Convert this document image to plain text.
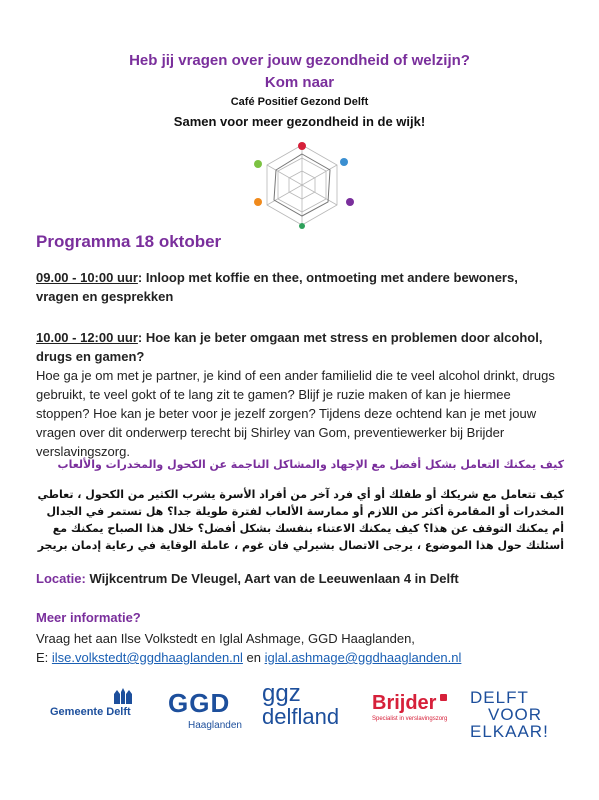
Heb jij vragen over jouw gezondheid of welzijn?
Kom naar
Café Positief Gezond Delft
Samen voor meer gezondheid in de wijk!
Programma 18 oktober
09.00 - 10:00 uur: Inloop met koffie en thee, ontmoeting met andere bewoners, vragen en gesprekken
10.00 - 12:00 uur: Hoe kan je beter omgaan met stress en problemen door alcohol, drugs en gamen?
Hoe ga je om met je partner, je kind of een ander familielid die te veel alcohol drinkt, drugs gebruikt, te veel gokt of te lang zit te gamen? Blijf je ruzie maken of kan je hiermee stoppen? Hoe kan je beter voor je jezelf zorgen? Tijdens deze ochtend kan je met jouw vragen over dit onderwerp terecht bij Shirley van Gom, preventiewerker bij Brijder verslavingszorg.
كيف يمكنك التعامل بشكل أفضل مع الإجهاد والمشاكل الناجمة عن الكحول والمخدرات والألعاب
كيف تتعامل مع شريكك أو طفلك أو أي فرد آخر من أفراد الأسرة يشرب الكثير من الكحول ، تعاطي المخدرات أو المقامرة أكثر من اللازم أو ممارسة الألعاب لفترة طويلة جدا؟ هل تستمر في الجدال أم يمكنك التوقف عن هذا؟ كيف يمكنك الاعتناء بنفسك بشكل أفضل؟ خلال هذا الصباح يمكنك مع أسئلتك حول هذا الموضوع ، يرجى الاتصال بشيرلي فان غوم ، عاملة الوقاية في رعاية إدمان بريجر
Locatie: Wijkcentrum De Vleugel, Aart van de Leeuwenlaan 4 in Delft
Meer informatie?
Vraag het aan Ilse Volkstedt en Iglal Ashmage, GGD Haaglanden,
E: ilse.volkstedt@ggdhaaglanden.nl en iglal.ashmage@ggdhaaglanden.nl
Gemeente Delft GGD
Haaglanden
ggz
delfland
Brijder
Specialist in verslavingszorg
DELFT
VOOR
ELKAAR!
